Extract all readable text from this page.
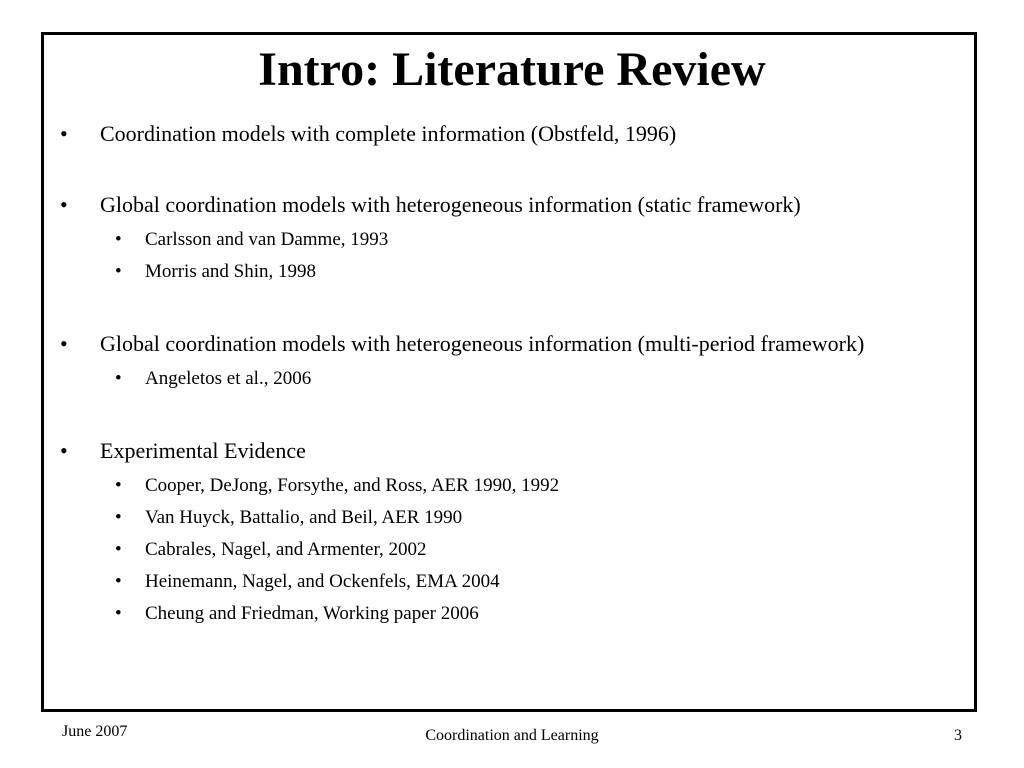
Intro: Literature Review
• Coordination models with complete information (Obstfeld, 1996)
• Global coordination models with heterogeneous information (static framework)
• Carlsson and van Damme, 1993
• Morris and Shin, 1998
• Global coordination models with heterogeneous information (multi-period framework)
• Angeletos et al., 2006
• Experimental Evidence
• Cooper, DeJong, Forsythe, and Ross, AER 1990, 1992
• Van Huyck, Battalio, and Beil, AER 1990
• Cabrales, Nagel, and Armenter, 2002
• Heinemann, Nagel, and Ockenfels, EMA 2004
• Cheung and Friedman, Working paper 2006
June 2007	Coordination and Learning	3
